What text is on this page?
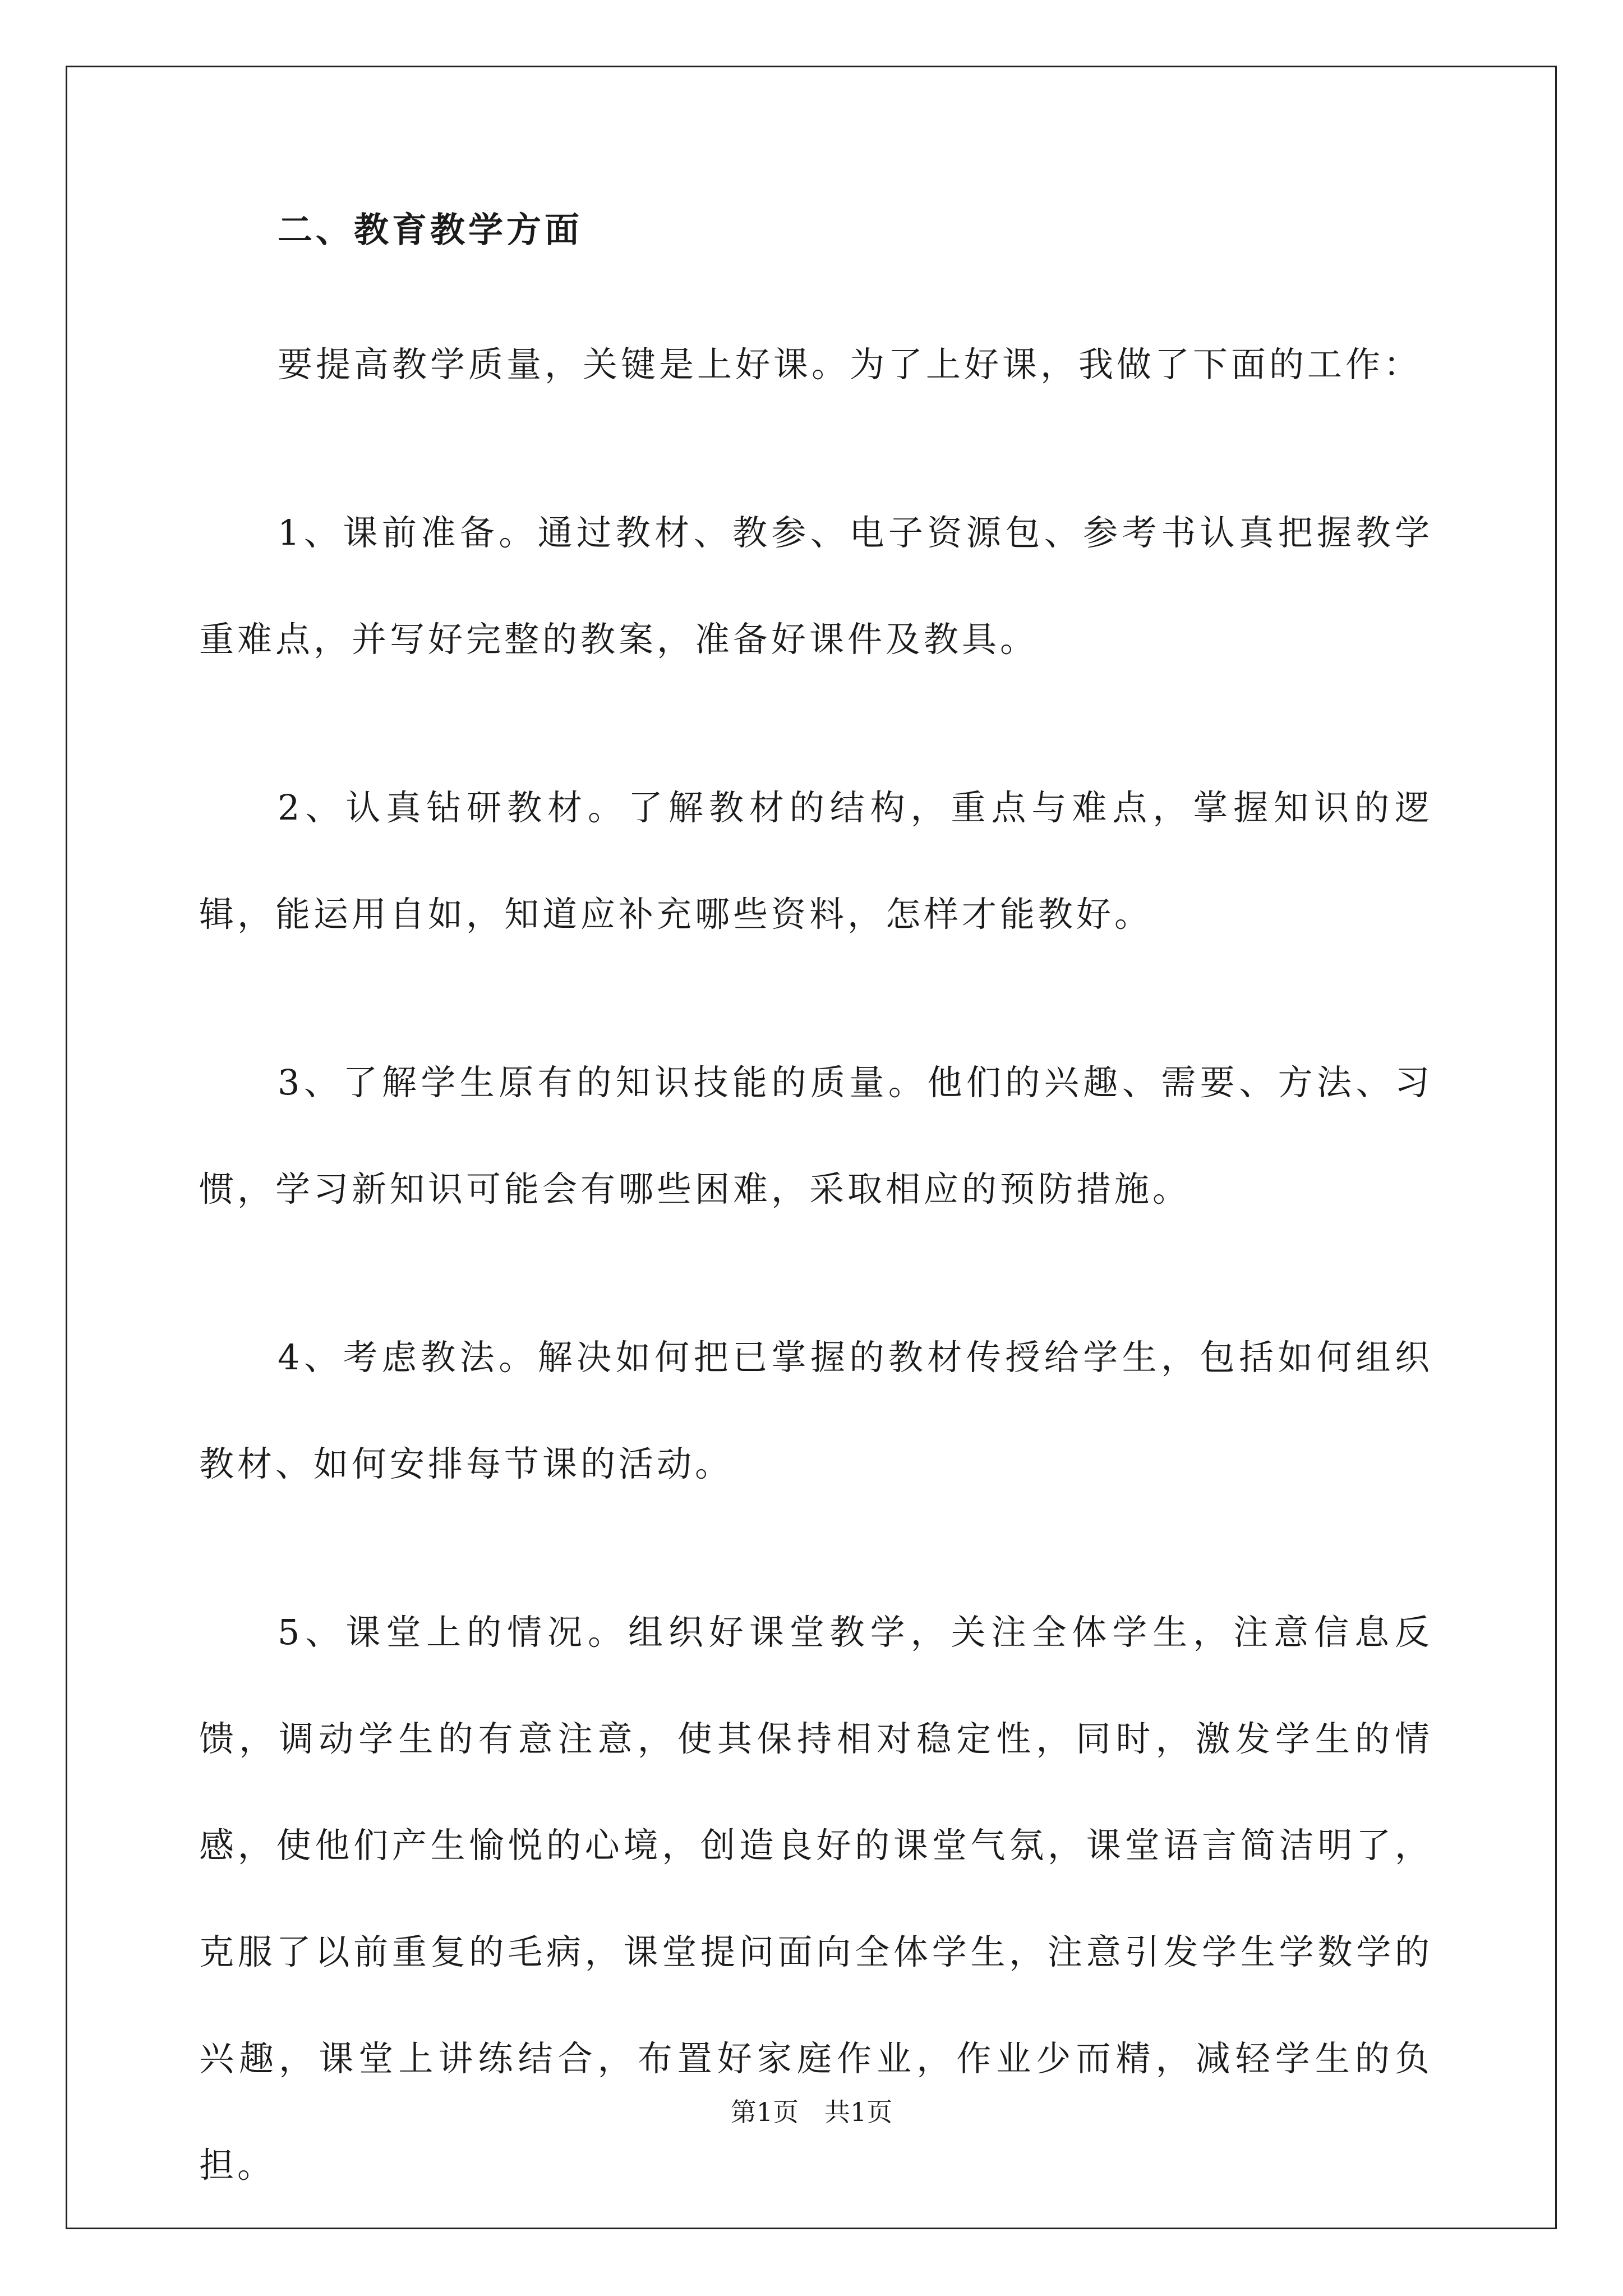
二、教育教学方面

要提高教学质量，关键是上好课。为了上好课，我做了下面的工作：

1、课前准备。通过教材、教参、电子资源包、参考书认真把握教学重难点，并写好完整的教案，准备好课件及教具。

2、认真钻研教材。了解教材的结构，重点与难点，掌握知识的逻辑，能运用自如，知道应补充哪些资料，怎样才能教好。

3、了解学生原有的知识技能的质量。他们的兴趣、需要、方法、习惯，学习新知识可能会有哪些困难，采取相应的预防措施。

4、考虑教法。解决如何把已掌握的教材传授给学生，包括如何组织教材、如何安排每节课的活动。

5、课堂上的情况。组织好课堂教学，关注全体学生，注意信息反馈，调动学生的有意注意，使其保持相对稳定性，同时，激发学生的情感，使他们产生愉悦的心境，创造良好的课堂气氛，课堂语言简洁明了，克服了以前重复的毛病，课堂提问面向全体学生，注意引发学生学数学的兴趣，课堂上讲练结合，布置好家庭作业，作业少而精，减轻学生的负担。

第1页　共1页
